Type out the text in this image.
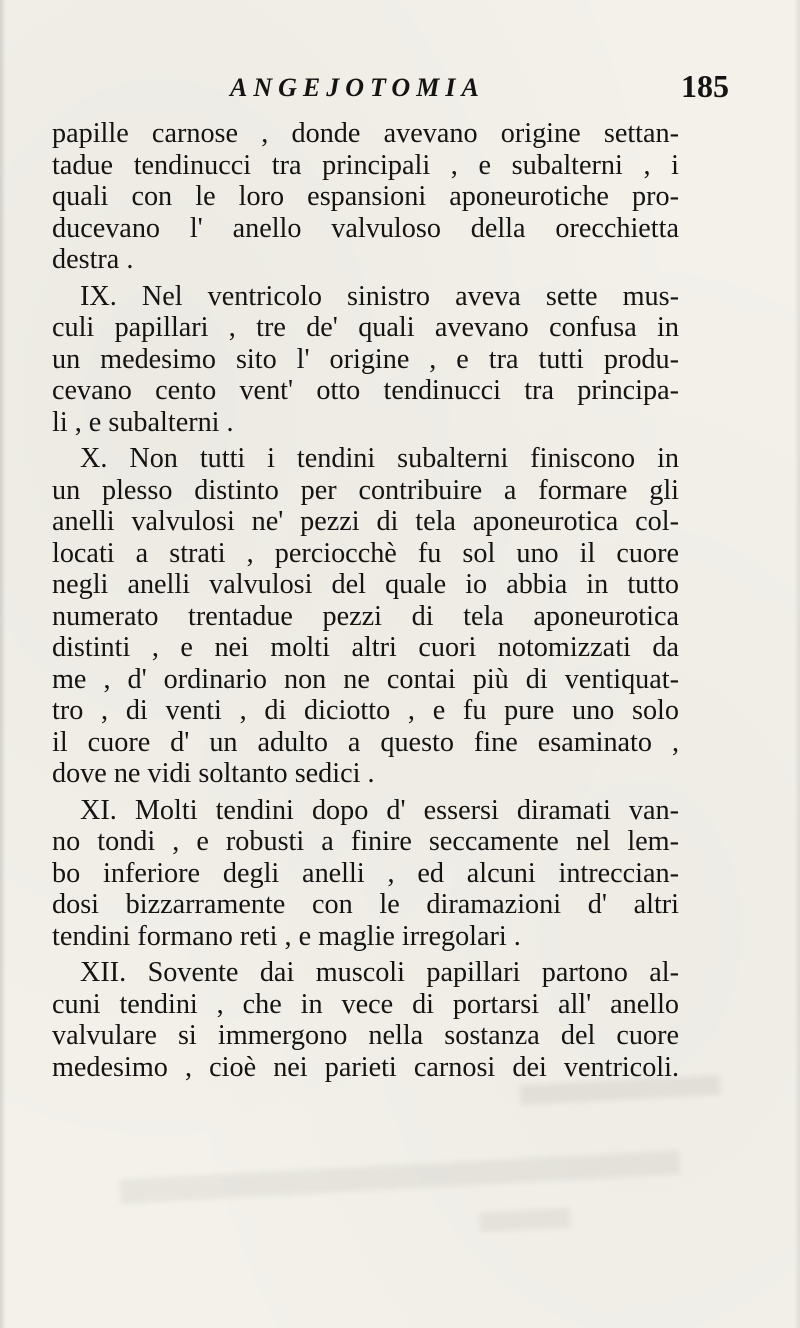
ANGEJOTOMIA	185
papille carnose , donde avevano origine settan-
tadue tendinucci tra principali , e subalterni , i
quali con le loro espansioni aponeurotiche pro-
ducevano l' anello valvuloso della orecchietta
destra .
IX. Nel ventricolo sinistro aveva sette mus-
culi papillari , tre de' quali avevano confusa in
un medesimo sito l' origine , e tra tutti produ-
cevano cento vent' otto tendinucci tra principa-
li , e subalterni .
X. Non tutti i tendini subalterni finiscono in
un plesso distinto per contribuire a formare gli
anelli valvulosi ne' pezzi di tela aponeurotica col-
locati a strati , perciocchè fu sol uno il cuore
negli anelli valvulosi del quale io abbia in tutto
numerato trentadue pezzi di tela aponeurotica
distinti , e nei molti altri cuori notomizzati da
me , d' ordinario non ne contai più di ventiquat-
tro , di venti , di diciotto , e fu pure uno solo
il cuore d' un adulto a questo fine esaminato ,
dove ne vidi soltanto sedici .
XI. Molti tendini dopo d' essersi diramati van-
no tondi , e robusti a finire seccamente nel lem-
bo inferiore degli anelli , ed alcuni intreccian-
dosi bizzarramente con le diramazioni d' altri
tendini formano reti , e maglie irregolari .
XII. Sovente dai muscoli papillari partono al-
cuni tendini , che in vece di portarsi all' anello
valvulare si immergono nella sostanza del cuore
medesimo , cioè nei parieti carnosi dei ventricoli.
